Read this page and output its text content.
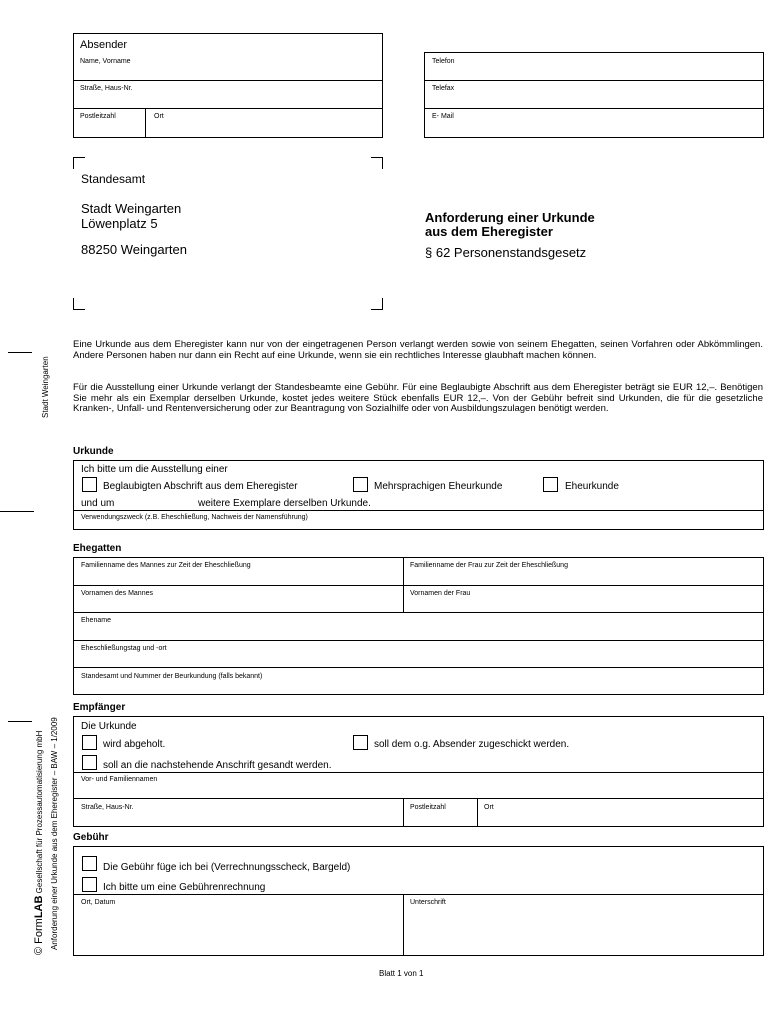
Stadt Weingarten
© FormLAB Gesellschaft für Prozessautomatisierung mbH Anforderung einer Urkunde aus dem Eheregister – BAW – 1/2009
Absender
Name, Vorname
Straße, Haus-Nr.
Postleitzahl	Ort
Telefon
Telefax
E- Mail
Standesamt
Stadt Weingarten
Löwenplatz 5
88250 Weingarten
Anforderung einer Urkunde
aus dem Eheregister
§ 62 Personenstandsgesetz
Eine Urkunde aus dem Eheregister kann nur von der eingetragenen Person verlangt werden sowie von seinem Ehegatten, seinen Vorfahren oder Abkömmlingen. Andere Personen haben nur dann ein Recht auf eine Urkunde, wenn sie ein rechtliches Interesse glaubhaft machen können.
Für die Ausstellung einer Urkunde verlangt der Standesbeamte eine Gebühr. Für eine Beglaubigte Abschrift aus dem Eheregister beträgt sie EUR 12,–. Benötigen Sie mehr als ein Exemplar derselben Urkunde, kostet jedes weitere Stück ebenfalls EUR 12,–. Von der Gebühr befreit sind Urkunden, die für die gesetzliche Kranken-, Unfall- und Rentenversicherung oder zur Beantragung von Sozialhilfe oder von Ausbildungszulagen benötigt werden.
Urkunde
Ich bitte um die Ausstellung einer
Beglaubigten Abschrift aus dem Eheregister	Mehrsprachigen Eheurkunde	Eheurkunde
und um	weitere Exemplare derselben Urkunde.
Verwendungszweck (z.B. Eheschließung, Nachweis der Namensführung)
Ehegatten
Familienname des Mannes zur Zeit der Eheschließung	Familienname der Frau zur Zeit der Eheschließung
Vornamen des Mannes	Vornamen der Frau
Ehename
Eheschließungstag und -ort
Standesamt und Nummer der Beurkundung (falls bekannt)
Empfänger
Die Urkunde
wird abgeholt.	soll dem o.g. Absender zugeschickt werden.
soll an die nachstehende Anschrift gesandt werden.
Vor- und Familiennamen
Straße, Haus-Nr.	Postleitzahl	Ort
Gebühr
Die Gebühr füge ich bei (Verrechnungsscheck, Bargeld)
Ich bitte um eine Gebührenrechnung
Ort, Datum	Unterschrift
Blatt 1 von 1
